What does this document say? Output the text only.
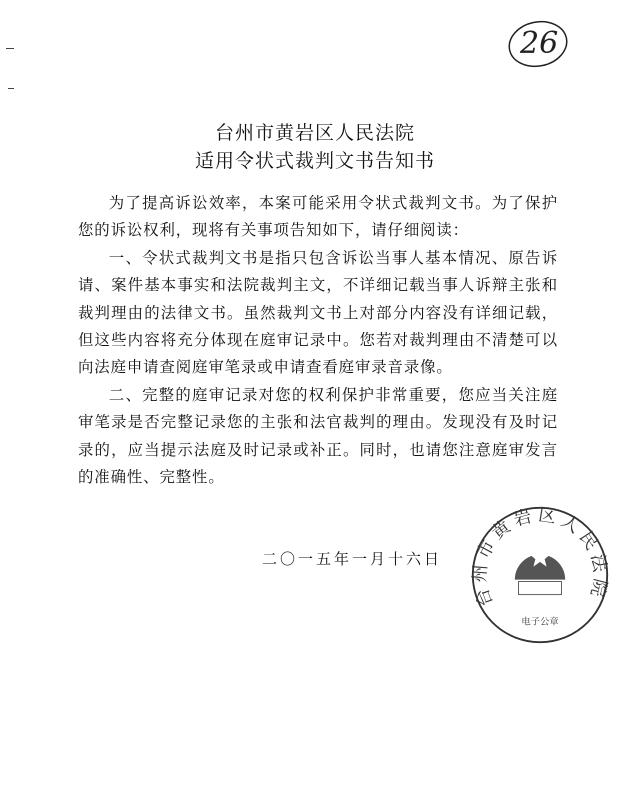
26
台州市黄岩区人民法院
适用令状式裁判文书告知书

为了提高诉讼效率，本案可能采用令状式裁判文书。为了保护您的诉讼权利，现将有关事项告知如下，请仔细阅读：

一、令状式裁判文书是指只包含诉讼当事人基本情况、原告诉请、案件基本事实和法院裁判主文，不详细记载当事人诉辩主张和裁判理由的法律文书。虽然裁判文书上对部分内容没有详细记载，但这些内容将充分体现在庭审记录中。您若对裁判理由不清楚可以向法庭申请查阅庭审笔录或申请查看庭审录音录像。

二、完整的庭审记录对您的权利保护非常重要，您应当关注庭审笔录是否完整记录您的主张和法官裁判的理由。发现没有及时记录的，应当提示法庭及时记录或补正。同时，也请您注意庭审发言的准确性、完整性。

二〇一五年一月十六日
台州市黄岩区人民法院
电子公章
